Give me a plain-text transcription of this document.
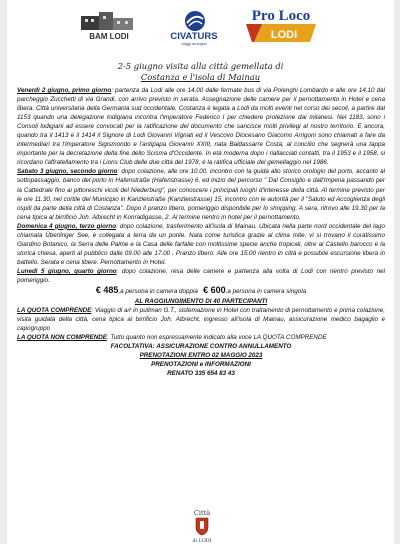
BAM LODI	CIVATURS
viaggi da sogno
Pro Loco
LODI
2-5 giugno visita alla città gemellata di
Costanza e l'isola di Mainau

Venerdì 2 giugno, primo giorno: partenza da Lodi alle ore 14.00 dalle fermate bus di via Polenghi Lombardo e alle ore 14.10 dal parcheggio Zucchetti di via Grandi, con arrivo previsto in serata. Assegnazione delle camere per il pernottamento in Hotel e cena libera. Città universitaria della Germania sud occidentale, Costanza è legata a Lodi da molti eventi nel corso dei secoli, a partire dal 1153 quando una delegazione lodigiana incontra l'imperatore Federico I per chiedere protezione dai milanesi. Nel 1183, sono i Consoli lodigiani ad essere convocati per la ratificazione del documento che sancisce molti privilegi al nostro territorio. E ancora, quando tra il 1413 e il 1414 il Signore di Lodi Giovanni Vignati ed il Vescovo Diocesano Giacomo Arrigoni sono chiamati a fare da intermediari tra l'imperatore Sigismondo e l'antipapa Giovanni XXIII, nata Baldassarre Costa, al concilio che segnerà una tappa importante per la decretazione della fine dello Scisma d'Occidente. In età moderna dopo i riallacciati contatti, tra il 1953 e il 1958, si ricordano l'affratellamento tra i Lions Club delle due città del 1978, e la ratifica ufficiale del gemellaggio nel 1986.

Sabato 3 giugno, secondo giorno: dopo colazione, alle ore 10.00, incontro con la guida allo storico orologio del porto, accanto al sottopassaggio, banco del porto in Hafenstraße (Hafenstrasse) 6, ed inizio del percorso " Dal Consiglio e dall'Imperia passando per la Cattedrale fino ai pittoreschi vicoli del Niederburg", per conoscere i principali luoghi d'interesse della città. Al termine previsto per le ore 11.30, nel cortile del Municipio in Kanzleistraße (Kanzleistrasse) 15, incontro con le autorità per il "Saluto ed Accoglienza degli ospiti da parte della città di Costanza". Dopo il pranzo libero, pomeriggio disponibile per lo shopping. A sera, ritrovo alle 19.30 per la cena tipica al birrificio Joh. Albrecht in Konradigasse, 2. Al termine rientro in hotel per il pernottamento.

Domenica 4 giugno, terzo giorno: dopo colazione, trasferimento all'isola di Mainau. Ubicata nella parte nord occidentale del lago chiamata Überlinger See, è collegata a terra da un ponte. Nata come turistica grazie al clima mite, vi si trovano il curatissimo Giardino Botanico, la Serra delle Palme e la Casa delle farfalle con moltissime specie anche tropicali, oltre al Castello barocco e la storica chiesa, aperti al pubblico dalle 09.00 alle 17.00 . Pranzo libero. Alle ore 15.00 rientro in città e possibile escursione libera in battello. Serata e cena libere. Pernottamento in Hotel.

Lunedì 5 giugno, quarto giorno: dopo colazione, resa delle camere e partenza alla volta di Lodi con rientro previsto nel pomeriggio.

€ 485,a persona in camera doppia € 600,a persona in camera singola

AL RAGGIUNGIMENTO DI 40 PARTECIPANTI

LA QUOTA COMPRENDE: Viaggio di a/r in pullman G.T., sistemazione in Hotel con trattamento di pernottamento e prima colazione, visita guidata della città, cena tipica al birrificio Joh. Albrecht, ingresso all'isola di Mainau, assicurazione medico bagaglio e capogruppo

LA QUOTA NON COMPRENDE: Tutto quanto non espressamente indicato alla voce LA QUOTA COMPRENDE

FACOLTATIVA: ASSICURAZIONE CONTRO ANNULLAMENTO

PRENOTAZIONI ENTRO 02 MAGGIO 2023

PRENOTAZIONI e INFORMAZIONI

RENATO 335 654 83 43

Città
di LODI
